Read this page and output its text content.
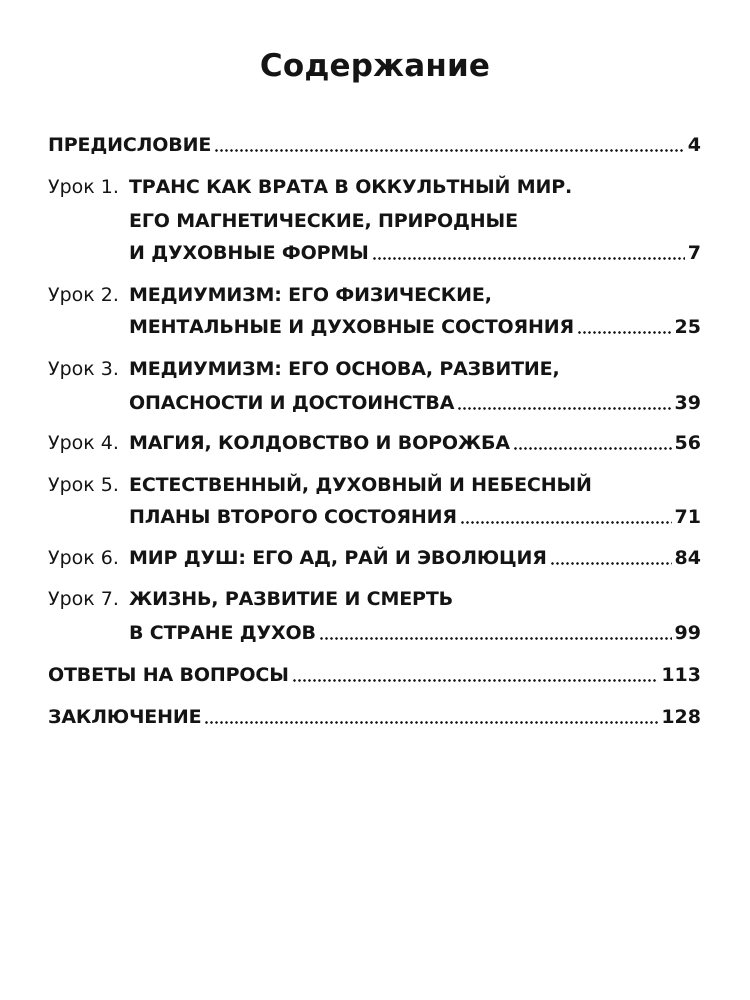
Содержание
ПРЕДИСЛОВИЕ	4
Урок 1. ТРАНС КАК ВРАТА В ОККУЛЬТНЫЙ МИР.
ЕГО МАГНЕТИЧЕСКИЕ, ПРИРОДНЫЕ
И ДУХОВНЫЕ ФОРМЫ	7
Урок 2. МЕДИУМИЗМ: ЕГО ФИЗИЧЕСКИЕ,
МЕНТАЛЬНЫЕ И ДУХОВНЫЕ СОСТОЯНИЯ	25
Урок 3. МЕДИУМИЗМ: ЕГО ОСНОВА, РАЗВИТИЕ,
ОПАСНОСТИ И ДОСТОИНСТВА	39
Урок 4. МАГИЯ, КОЛДОВСТВО И ВОРОЖБА	56
Урок 5. ЕСТЕСТВЕННЫЙ, ДУХОВНЫЙ И НЕБЕСНЫЙ
ПЛАНЫ ВТОРОГО СОСТОЯНИЯ	71
Урок 6. МИР ДУШ: ЕГО АД, РАЙ И ЭВОЛЮЦИЯ	84
Урок 7. ЖИЗНЬ, РАЗВИТИЕ И СМЕРТЬ
В СТРАНЕ ДУХОВ	99
ОТВЕТЫ НА ВОПРОСЫ	113
ЗАКЛЮЧЕНИЕ	128
